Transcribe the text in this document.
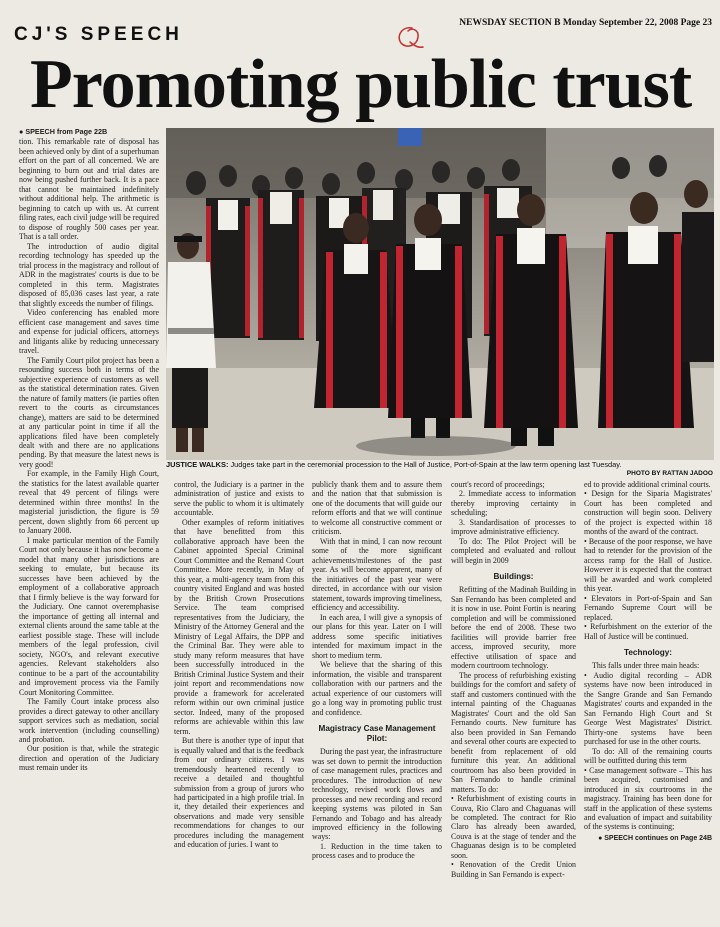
CJ'S SPEECH
NEWSDAY SECTION B Monday September 22, 2008 Page 23
Promoting public trust
JUSTICE WALKS: Judges take part in the ceremonial procession to the Hall of Justice, Port-of-Spain at the law term opening last Tuesday.
PHOTO BY RATTAN JADOO

● SPEECH from Page 22B

tion. This remarkable rate of disposal has been achieved only by dint of a superhuman effort on the part of all concerned. We are beginning to burn out and trial dates are now being pushed further back. It is a pace that cannot be maintained indefinitely without additional help. The arithmetic is beginning to catch up with us. At current filing rates, each civil judge will be required to dispose of roughly 500 cases per year. That is a tall order.

The introduction of audio digital recording technology has speeded up the trial process in the magistracy and rollout of ADR in the magistrates' courts is due to be completed in this term. Magistrates disposed of 85,036 cases last year, a rate that slightly exceeds the number of filings.

Video conferencing has enabled more efficient case management and saves time and expense for judicial officers, attorneys and litigants alike by reducing unnecessary travel.

The Family Court pilot project has been a resounding success both in terms of the subjective experience of customers as well as the statistical determination rates. Given the nature of family matters (ie parties often revert to the courts as circumstances change), matters are said to be determined at any particular point in time if all the applications filed have been completely dealt with and there are no applications pending. By that measure the latest news is very good!

For example, in the Family High Court, the statistics for the latest available quarter reveal that 49 percent of filings were determined within three months! In the magisterial jurisdiction, the figure is 59 percent, down slightly from 66 percent up to January 2008.

I make particular mention of the Family Court not only because it has now become a model that many other jurisdictions are seeking to emulate, but because its successes have been achieved by the employment of a collaborative approach that I firmly believe is the way forward for the Judiciary. One cannot overemphasise the importance of getting all internal and external clients around the same table at the earliest possible stage. These will include members of the legal profession, civil society, NGO's, and relevant executive agencies. Relevant stakeholders also continue to be a part of the accountability and improvement process via the Family Court Monitoring Committee.

The Family Court intake process also provides a direct gateway to other ancillary support services such as mediation, social work intervention (including counselling) and probation.

Our position is that, while the strategic direction and operation of the Judiciary must remain under its

control, the Judiciary is a partner in the administration of justice and exists to serve the public to whom it is ultimately accountable.

Other examples of reform initiatives that have benefitted from this collaborative approach have been the Cabinet appointed Special Criminal Court Committee and the Remand Court Committee. More recently, in May of this year, a multi-agency team from this country visited England and was hosted by the British Crown Prosecutions Service. The team comprised representatives from the Judiciary, the Ministry of the Attorney General and the Ministry of Legal Affairs, the DPP and the Criminal Bar. They were able to study many reform measures that have been successfully introduced in the British Criminal Justice System and their joint report and recommendations now provide a framework for accelerated reform within our own criminal justice sector. Indeed, many of the proposed reforms are achievable within this law term.

But there is another type of input that is equally valued and that is the feedback from our ordinary citizens. I was tremendously heartened recently to receive a detailed and thoughtful submission from a group of jurors who had participated in a high profile trial. In it, they detailed their experiences and observations and made very sensible recommendations for changes to our procedures including the management and education of juries. I want to

publicly thank them and to assure them and the nation that that submission is one of the documents that will guide our reform efforts and that we will continue to welcome all constructive comment or criticism.

With that in mind, I can now recount some of the more significant achievements/milestones of the past year. As will become apparent, many of the initiatives of the past year were directed, in accordance with our vision statement, towards improving timeliness, efficiency and accessibility.

In each area, I will give a synopsis of our plans for this year. Later on I will address some specific initiatives intended for maximum impact in the short to medium term.

We believe that the sharing of this information, the visible and transparent collaboration with our partners and the actual experience of our customers will go a long way in promoting public trust and confidence.

Magistracy Case Management Pilot:

During the past year, the infrastructure was set down to permit the introduction of case management rules, practices and procedures. The introduction of new technology, revised work flows and processes and new recording and record keeping systems was piloted in San Fernando and Tobago and has already improved efficiency in the following ways:

1. Reduction in the time taken to process cases and to produce the

court's record of proceedings;

2. Immediate access to information thereby improving certainty in scheduling;

3. Standardisation of processes to improve administrative efficiency.

To do: The Pilot Project will be completed and evaluated and rollout will begin in 2009

Buildings:

Refitting of the Madinah Building in San Fernando has been completed and it is now in use. Point Fortin is nearing completion and will be commissioned before the end of 2008. These two facilities will provide barrier free access, improved security, more effective utilisation of space and modern courtroom technology.

The process of refurbishing existing buildings for the comfort and safety of staff and customers continued with the internal painting of the Chaguanas Magistrates' Court and the old San Fernando courts. New furniture has also been provided in San Fernando and several other courts are expected to benefit from replacement of old furniture this year. An additional courtroom has also been provided in San Fernando to handle criminal matters. To do:

• Refurbishment of existing courts in Couva, Rio Claro and Chaguanas will be completed. The contract for Rio Claro has already been awarded, Couva is at the stage of tender and the Chaguanas design is to be completed soon.

• Renovation of the Credit Union Building in San Fernando is expect-

ed to provide additional criminal courts.

• Design for the Siparia Magistrates' Court has been completed and construction will begin soon. Delivery of the project is expected within 18 months of the award of the contract.

• Because of the poor response, we have had to retender for the provision of the access ramp for the Hall of Justice. However it is expected that the contract will be awarded and work completed this year.

• Elevators in Port-of-Spain and San Fernando Supreme Court will be replaced.

• Refurbishment on the exterior of the Hall of Justice will be continued.

Technology:

This falls under three main heads:

• Audio digital recording – ADR systems have now been introduced in the Sangre Grande and San Fernando Magistrates' courts and expanded in the San Fernando High Court and St George West Magistrates' District. Thirty-one systems have been purchased for use in the other courts.

To do: All of the remaining courts will be outfitted during this term

• Case management software – This has been acquired, customised and introduced in six courtrooms in the magistracy. Training has been done for staff in the application of these systems and evaluation of impact and suitability of the systems is continuing;

● SPEECH continues on Page 24B
